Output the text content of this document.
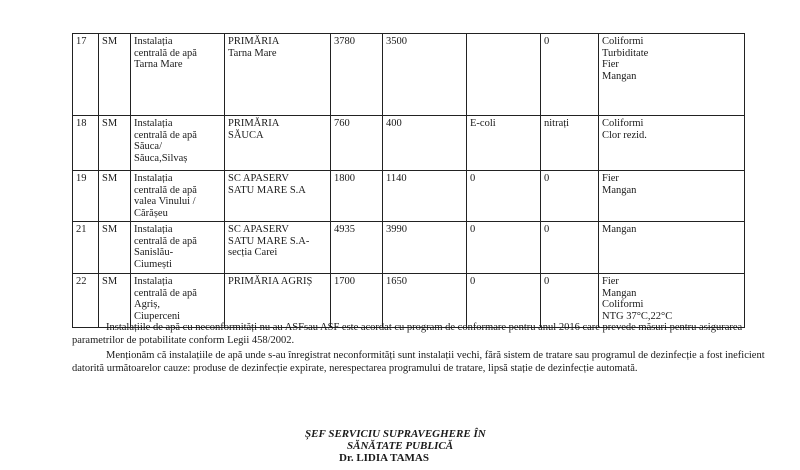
17	SM	Instalația
centrală de apă
Tarna Mare	PRIMĂRIA
Tarna Mare	3780	3500		0	Coliformi
Turbiditate
Fier
Mangan
18	SM	Instalația
centrală de apă
Săuca/
Săuca,Silvaș	PRIMĂRIA
SĂUCA	760	400	E-coli	nitrați	Coliformi
Clor rezid.
19	SM	Instalația
centrală de apă
valea Vinului /
Cărășeu	SC APASERV
SATU MARE S.A	1800	1140	0	0	Fier
Mangan
21	SM	Instalația
centrală de apă
Sanislău-
Ciumești	SC APASERV
SATU MARE S.A-
secția Carei	4935	3990	0	0	Mangan
22	SM	Instalația
centrală de apă
Agriș,
Ciuperceni	PRIMĂRIA AGRIȘ	1700	1650	0	0	Fier
Mangan
Coliformi
NTG 37°C,22°C

Instalațiile de apă cu neconformități nu au ASFsau ASF este acordat cu program de conformare pentru anul 2016 care prevede măsuri pentru asigurarea
parametrilor de potabilitate conform Legii 458/2002.

Menționăm că instalațiile de apă unde s-au înregistrat neconformități sunt instalații vechi, fără sistem de tratare sau programul de dezinfecție a fost ineficient
datorită următoarelor cauze: produse de dezinfecție expirate, nerespectarea programului de tratare, lipsă stație de dezinfecție automată.

ȘEF SERVICIU SUPRAVEGHERE ÎN
SĂNĂTATE PUBLICĂ
Dr. LIDIA TAMAS
